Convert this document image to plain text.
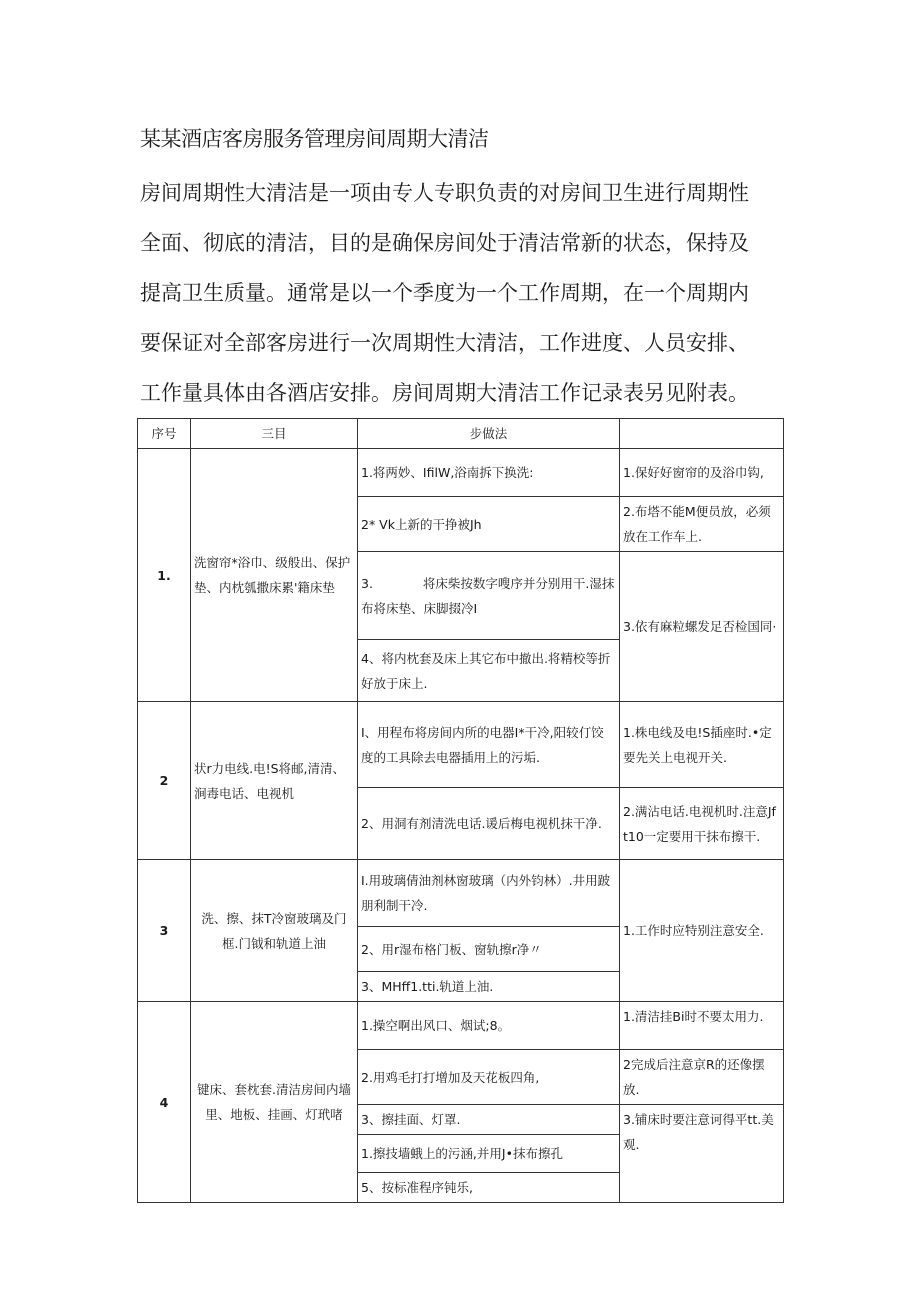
某某酒店客房服务管理房间周期大清洁
房间周期性大清洁是一项由专人专职负责的对房间卫生进行周期性
全面、彻底的清洁，目的是确保房间处于清洁常新的状态，保持及
提高卫生质量。通常是以一个季度为一个工作周期，在一个周期内
要保证对全部客房进行一次周期性大清洁，工作进度、人员安排、
工作量具体由各酒店安排。房间周期大清洁工作记录表另见附表。
序号	三目	步做法	
1.	洗窗帘*浴巾、级般出、保护垫、内枕瓠撒床累'籍床垫	1.将两妙、IfilW,浴南拆下换洗:	1.保好好窗帘的及浴巾钩,
		2* Vk上新的干挣被Jh	2.布塔不能M便员放，必须放在工作车上.
		3.　　　　将床柴按数字嗖序并分别用干.湿抹布将床垫、床脚掇冷I	3.依有麻粒螺发足否检国同·
		4、将内枕套及床上其它布中撤出.将精校等折好放于床上.	
2	状r力电线.电!S将邮,清清、涧毒电话、电视机	I、用程布将房间内所的电器I*干冷,阳较仃饺度的工具除去电器插用上的污垢.	1.株电线及电!S插座时.•定要先关上电视开关.
		2、用洞有剂清洗电话.谖后梅电视机抹干净.	2.满沾电话.电视机时.注意Jft10一定要用干抹布擦干.
3	洗、擦、抹T冷窗玻璃及门框.门钺和轨道上油	I.用玻璃倩油剂林窗玻璃（内外钧林）.井用跛朋利制干冷.	1.工作时应特别注意安全.
		2、用r湿布格门板、窗轨擦r净〃	
		3、MHff1.tti.轨道上油.	
4	键床、套枕套.清洁房间内墙里、地板、挂画、灯玳啫	1.操空啊出风口、烟试;8。	1.清洁挂Bi时不要太用力.
		2.用鸡毛打打增加及天花板四角,	2完成后注意京R的还像摆放.
		3、擦挂面、灯罩.	3.铺床时要注意诃得平tt.美观.
		1.擦技墙蛾上的污涵,并用J•抹布擦孔	
		5、按标准程序钝乐,	
